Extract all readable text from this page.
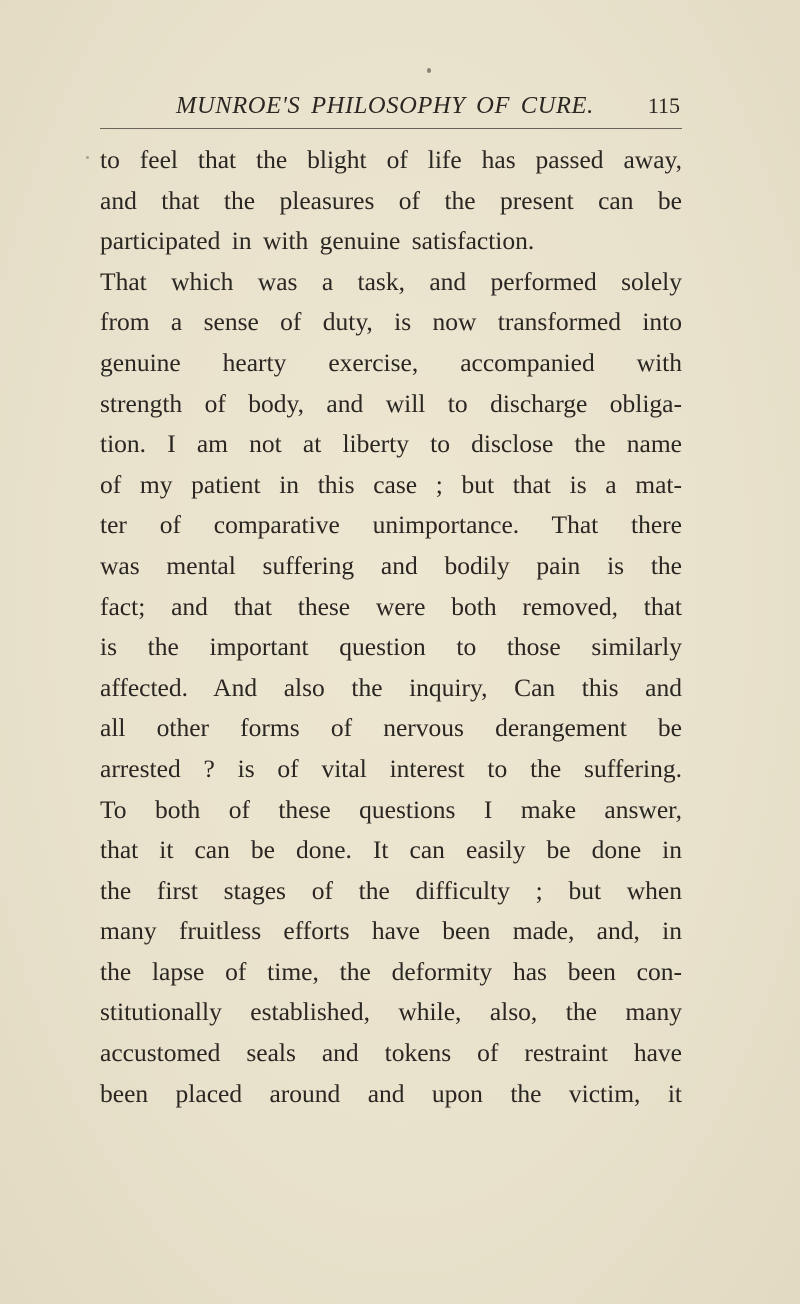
MUNROE'S PHILOSOPHY OF CURE. 115
to feel that the blight of life has passed away,
and that the pleasures of the present can be
participated in with genuine satisfaction.
That which was a task, and performed solely
from a sense of duty, is now transformed into
genuine hearty exercise, accompanied with
strength of body, and will to discharge obliga-
tion. I am not at liberty to disclose the name
of my patient in this case ; but that is a mat-
ter of comparative unimportance. That there
was mental suffering and bodily pain is the
fact; and that these were both removed, that
is the important question to those similarly
affected. And also the inquiry, Can this and
all other forms of nervous derangement be
arrested ? is of vital interest to the suffering.
To both of these questions I make answer,
that it can be done. It can easily be done in
the first stages of the difficulty ; but when
many fruitless efforts have been made, and, in
the lapse of time, the deformity has been con-
stitutionally established, while, also, the many
accustomed seals and tokens of restraint have
been placed around and upon the victim, it
